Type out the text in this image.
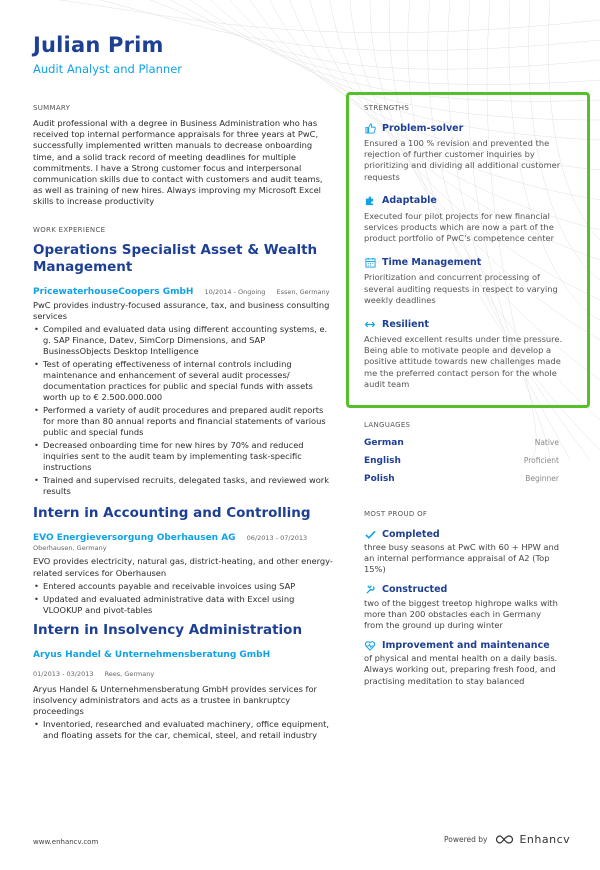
Julian Prim
Audit Analyst and Planner
SUMMARY
Audit professional with a degree in Business Administration who has received top internal performance appraisals for three years at PwC, successfully implemented written manuals to decrease onboarding time, and a solid track record of meeting deadlines for multiple commitments. I have a Strong customer focus and interpersonal communication skills due to contact with customers and audit teams, as well as training of new hires. Always improving my Microsoft Excel skills to increase productivity
WORK EXPERIENCE
Operations Specialist Asset & Wealth Management
PricewaterhouseCoopers GmbH 10/2014 - Ongoing Essen, Germany
PwC provides industry-focused assurance, tax, and business consulting services
• Compiled and evaluated data using different accounting systems, e. g. SAP Finance, Datev, SimCorp Dimensions, and SAP BusinessObjects Desktop Intelligence
• Test of operating effectiveness of internal controls including maintenance and enhancement of several audit processes/ documentation practices for public and special funds with assets worth up to € 2.500.000.000
• Performed a variety of audit procedures and prepared audit reports for more than 80 annual reports and financial statements of various public and special funds
• Decreased onboarding time for new hires by 70% and reduced inquiries sent to the audit team by implementing task-specific instructions
• Trained and supervised recruits, delegated tasks, and reviewed work results
Intern in Accounting and Controlling
EVO Energieversorgung Oberhausen AG 06/2013 - 07/2013
Oberhausen, Germany
EVO provides electricity, natural gas, district-heating, and other energy-related services for Oberhausen
• Entered accounts payable and receivable invoices using SAP
• Updated and evaluated administrative data with Excel using VLOOKUP and pivot-tables
Intern in Insolvency Administration
Aryus Handel & Unternehmensberatung GmbH
01/2013 - 03/2013 Rees, Germany
Aryus Handel & Unternehmensberatung GmbH provides services for insolvency administrators and acts as a trustee in bankruptcy proceedings
• Inventoried, researched and evaluated machinery, office equipment, and floating assets for the car, chemical, steel, and retail industry
STRENGTHS
Problem-solver
Ensured a 100 % revision and prevented the rejection of further customer inquiries by prioritizing and dividing all additional customer requests
Adaptable
Executed four pilot projects for new financial services products which are now a part of the product portfolio of PwC's competence center
Time Management
Prioritization and concurrent processing of several auditing requests in respect to varying weekly deadlines
Resilient
Achieved excellent results under time pressure. Being able to motivate people and develop a positive attitude towards new challenges made me the preferred contact person for the whole audit team
LANGUAGES
German	Native
English	Proficient
Polish	Beginner
MOST PROUD OF
Completed
three busy seasons at PwC with 60 + HPW and an internal performance appraisal of A2 (Top 15%)
Constructed
two of the biggest treetop highrope walks with more than 200 obstacles each in Germany from the ground up during winter
Improvement and maintenance
of physical and mental health on a daily basis. Always working out, preparing fresh food, and practising meditation to stay balanced
www.enhancv.com	Powered by	Enhancv
